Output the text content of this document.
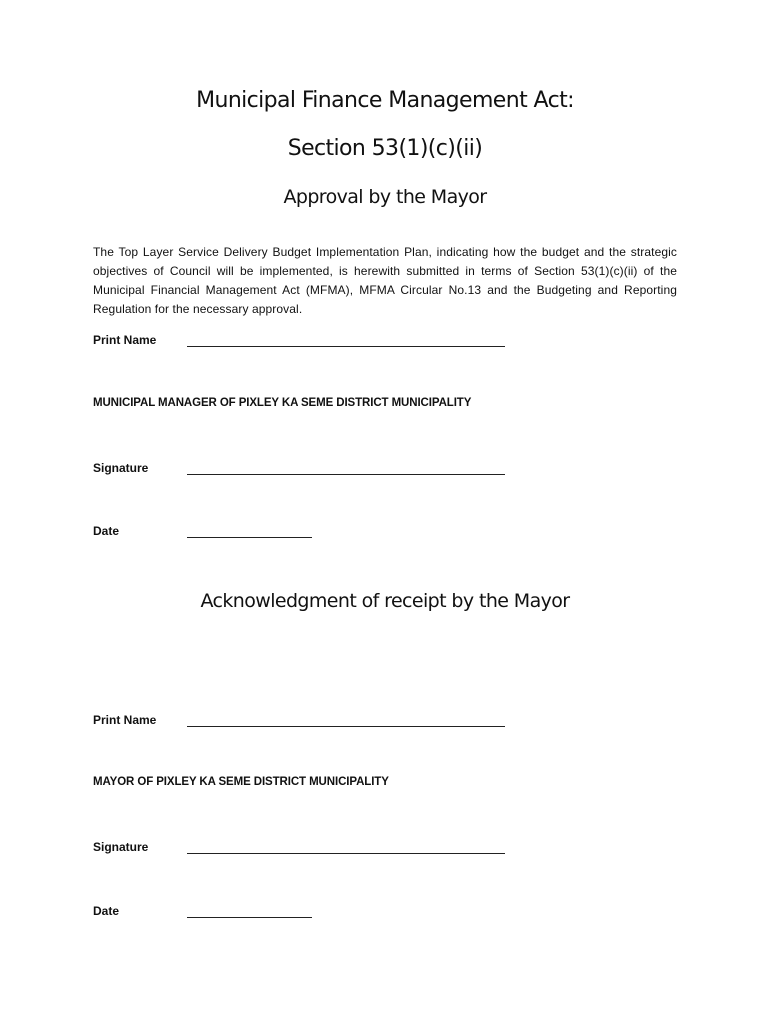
Municipal Finance Management Act:
Section 53(1)(c)(ii)
Approval by the Mayor
The Top Layer Service Delivery Budget Implementation Plan, indicating how the budget and the strategic objectives of Council will be implemented, is herewith submitted in terms of Section 53(1)(c)(ii) of the Municipal Financial Management Act (MFMA), MFMA Circular No.13 and the Budgeting and Reporting Regulation for the necessary approval.
Print Name
MUNICIPAL MANAGER OF PIXLEY KA SEME DISTRICT MUNICIPALITY
Signature
Date
Acknowledgment of receipt by the Mayor
Print Name
MAYOR OF PIXLEY KA SEME DISTRICT MUNICIPALITY
Signature
Date
